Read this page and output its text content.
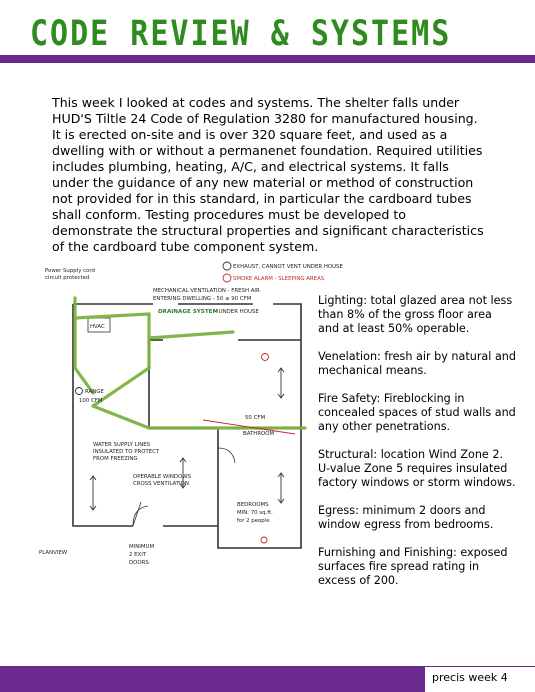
CODE REVIEW & SYSTEMS
This week I looked at codes and systems. The shelter falls under HUD'S Tiltle 24 Code of Regulation 3280 for manufactured housing. It is erected on-site and is over 320 square feet, and used as a dwelling with or without a permanenet foundation. Required utilities includes plumbing, heating, A/C, and electrical systems. It falls under the guidance of any new material or method of construction not provided for in this standard, in particular the cardboard tubes shall conform. Testing procedures must be developed to demonstrate the structural properties and significant characteristics of the cardboard tube component system.
HVAC
Power Supply cord
circuit protected
EXHAUST, CANNOT VENT UNDER HOUSE
SMOKE ALARM - SLEEPING AREAS
MECHANICAL VENTILATION - FRESH AIR
ENTERING DWELLING - 50 ≤ 90 CFM
DRAINAGE SYSTEM
- UNDER HOUSE
RANGE
100 CFM
50 CFM
BATHROOM
WATER SUPPLY LINES
INSULATED TO PROTECT
FROM FREEZING
OPERABLE WINDOWS
CROSS VENTILATION
BEDROOMS
MIN. 70 sq.ft.
for 2 people
MINIMUM
2 EXIT
DOORS
PLANVIEW

Lighting: total glazed area not less than 8% of the gross floor area and at least 50% operable.

Venelation: fresh air by natural and mechanical means.

Fire Safety: Fireblocking in concealed spaces of stud walls and any other penetrations.

Structural: location Wind Zone 2. U-value Zone 5 requires insulated factory windows or storm windows.

Egress: minimum 2 doors and window egress from bedrooms.

Furnishing and Finishing: exposed surfaces fire spread rating in excess of 200.

precis week 4
